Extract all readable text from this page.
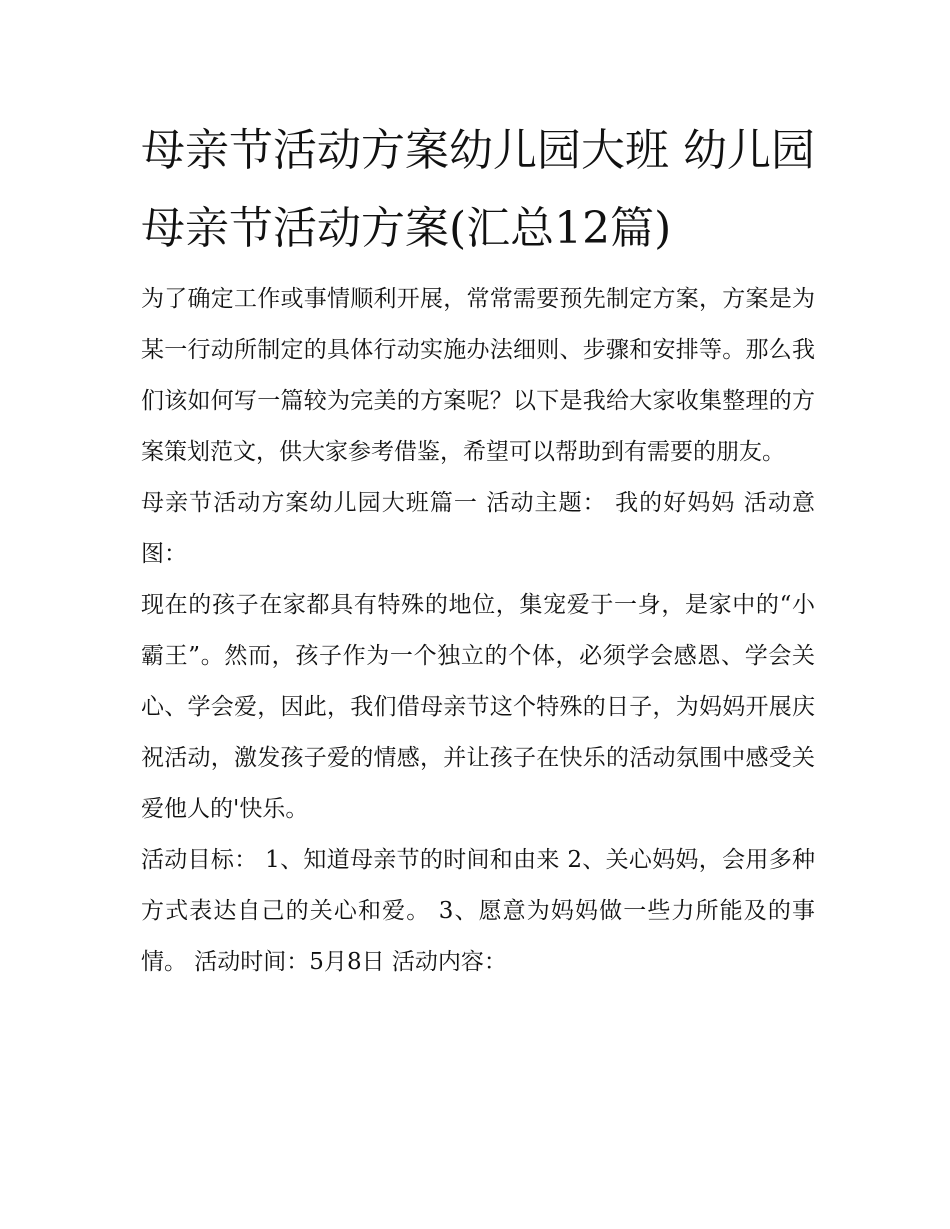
母亲节活动方案幼儿园大班 幼儿园母亲节活动方案(汇总12篇)

为了确定工作或事情顺利开展，常常需要预先制定方案，方案是为某一行动所制定的具体行动实施办法细则、步骤和安排等。那么我们该如何写一篇较为完美的方案呢？以下是我给大家收集整理的方案策划范文，供大家参考借鉴，希望可以帮助到有需要的朋友。

母亲节活动方案幼儿园大班篇一 活动主题： 我的好妈妈 活动意图：

现在的孩子在家都具有特殊的地位，集宠爱于一身，是家中的“小霸王”。然而，孩子作为一个独立的个体，必须学会感恩、学会关心、学会爱，因此，我们借母亲节这个特殊的日子，为妈妈开展庆祝活动，激发孩子爱的情感，并让孩子在快乐的活动氛围中感受关爱他人的'快乐。

活动目标： 1、知道母亲节的时间和由来 2、关心妈妈，会用多种方式表达自己的关心和爱。 3、愿意为妈妈做一些力所能及的事情。 活动时间：5月8日 活动内容：
